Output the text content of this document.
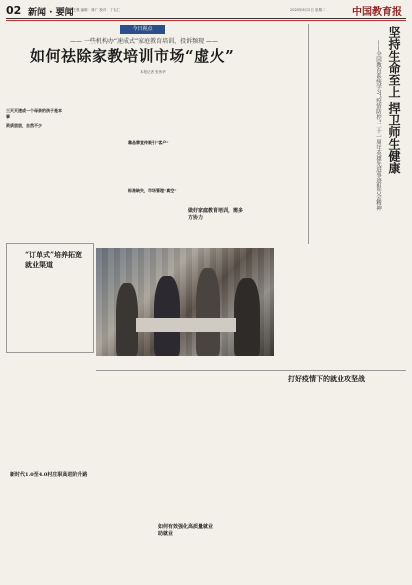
02 新闻 · 要闻
主编：王强 编辑：林广 校对：丁毛仁	2020年6月2日 星期二	中国教育报
今日视点
—— 一些机构办“速成式”家庭教育培训，投诉频现 ——
如何祛除家教培训市场“虚火”
本报记者 张贵华
三天天速成一个母亲的孩子是本事
资质层层，自然不少
靠品牌宣传吸引“客户”
标准缺失，市场管理“真空”
做好家庭教育培训，需多方协力
“订单式”培养拓宽就业渠道
新时代1.0至4.0村庄职高进阶升路
坚持生命至上 捍卫师生健康
——全国教育系统学习“疫情防控”二十一周年英雄先进事迹报告会精神
打好疫情下的就业攻坚战
如何有效强化高质量就业助就业
